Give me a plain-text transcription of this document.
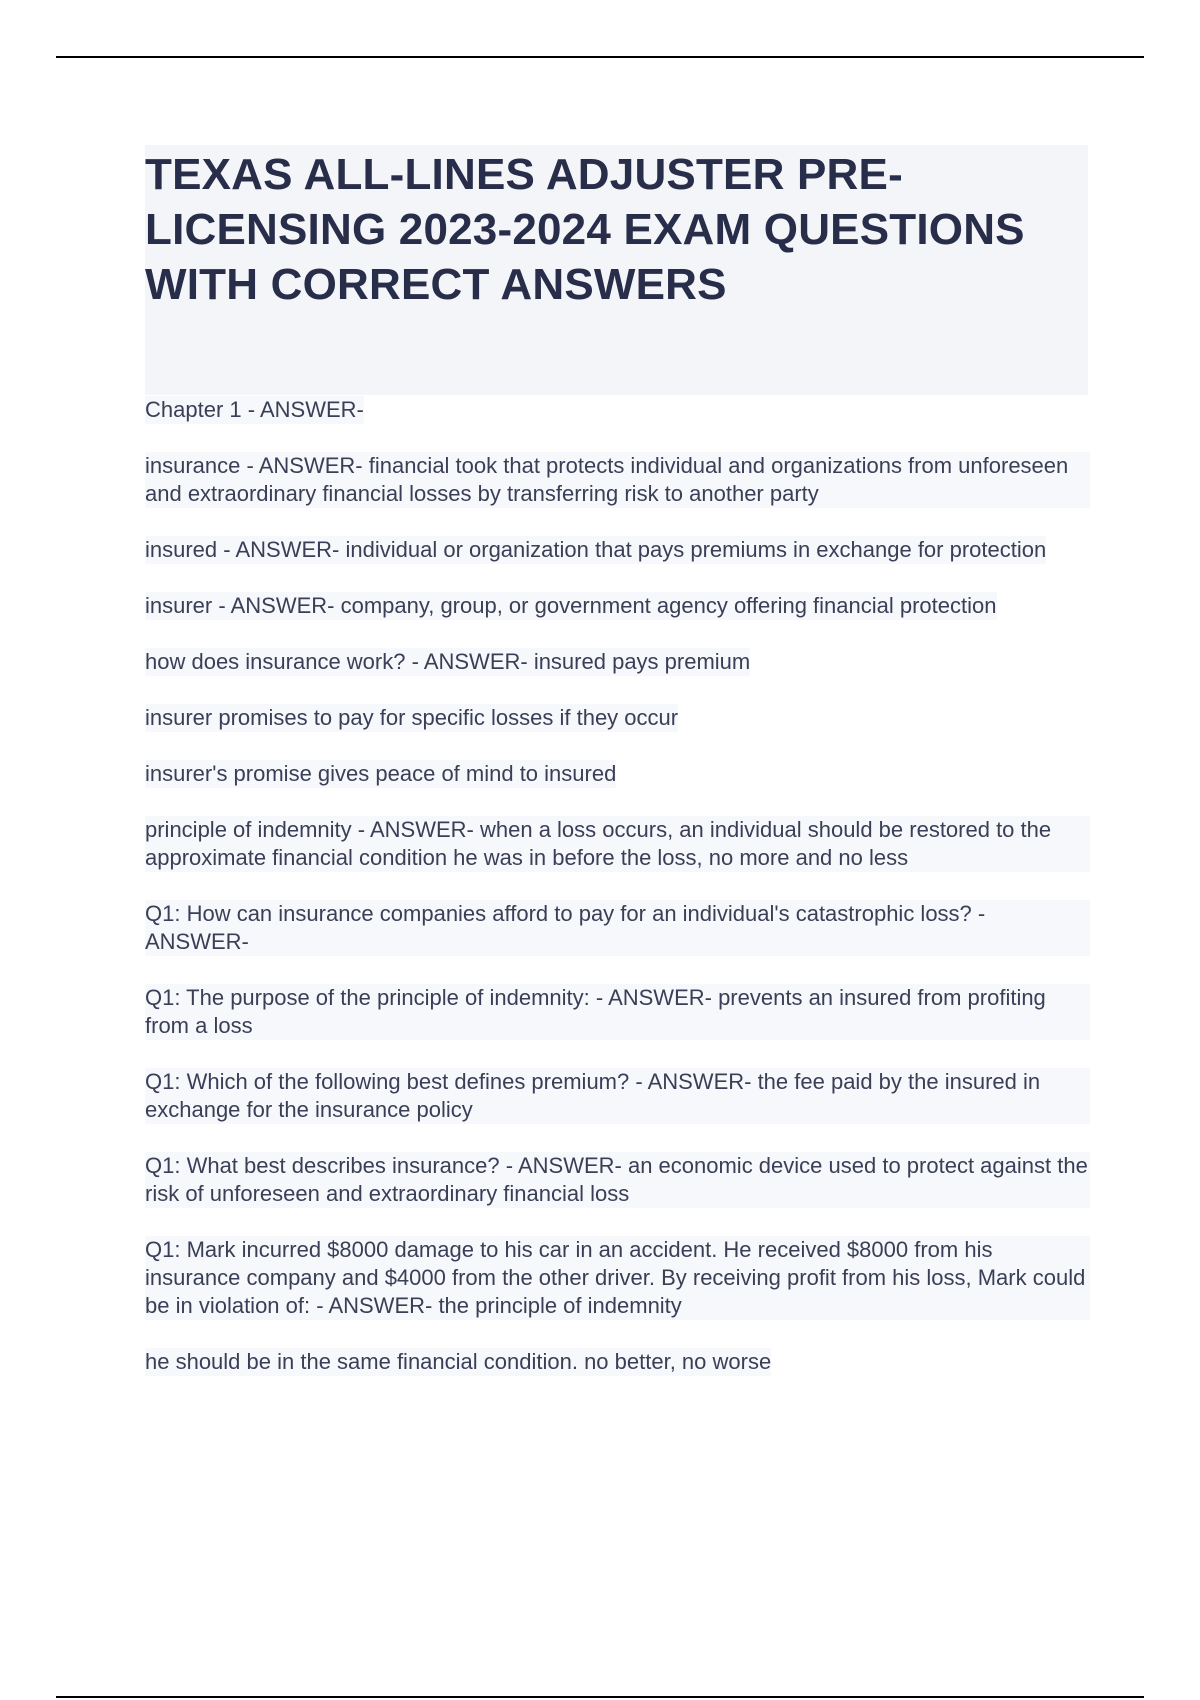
TEXAS ALL-LINES ADJUSTER PRE-LICENSING 2023-2024 EXAM QUESTIONS WITH CORRECT ANSWERS

Chapter 1 - ANSWER-

insurance - ANSWER- financial took that protects individual and organizations from unforeseen and extraordinary financial losses by transferring risk to another party

insured - ANSWER- individual or organization that pays premiums in exchange for protection

insurer - ANSWER- company, group, or government agency offering financial protection

how does insurance work? - ANSWER- insured pays premium

insurer promises to pay for specific losses if they occur

insurer's promise gives peace of mind to insured

principle of indemnity - ANSWER- when a loss occurs, an individual should be restored to the approximate financial condition he was in before the loss, no more and no less

Q1: How can insurance companies afford to pay for an individual's catastrophic loss? - ANSWER-

Q1: The purpose of the principle of indemnity: - ANSWER- prevents an insured from profiting from a loss

Q1: Which of the following best defines premium? - ANSWER- the fee paid by the insured in exchange for the insurance policy

Q1: What best describes insurance? - ANSWER- an economic device used to protect against the risk of unforeseen and extraordinary financial loss

Q1: Mark incurred $8000 damage to his car in an accident. He received $8000 from his insurance company and $4000 from the other driver. By receiving profit from his loss, Mark could be in violation of: - ANSWER- the principle of indemnity

he should be in the same financial condition. no better, no worse
